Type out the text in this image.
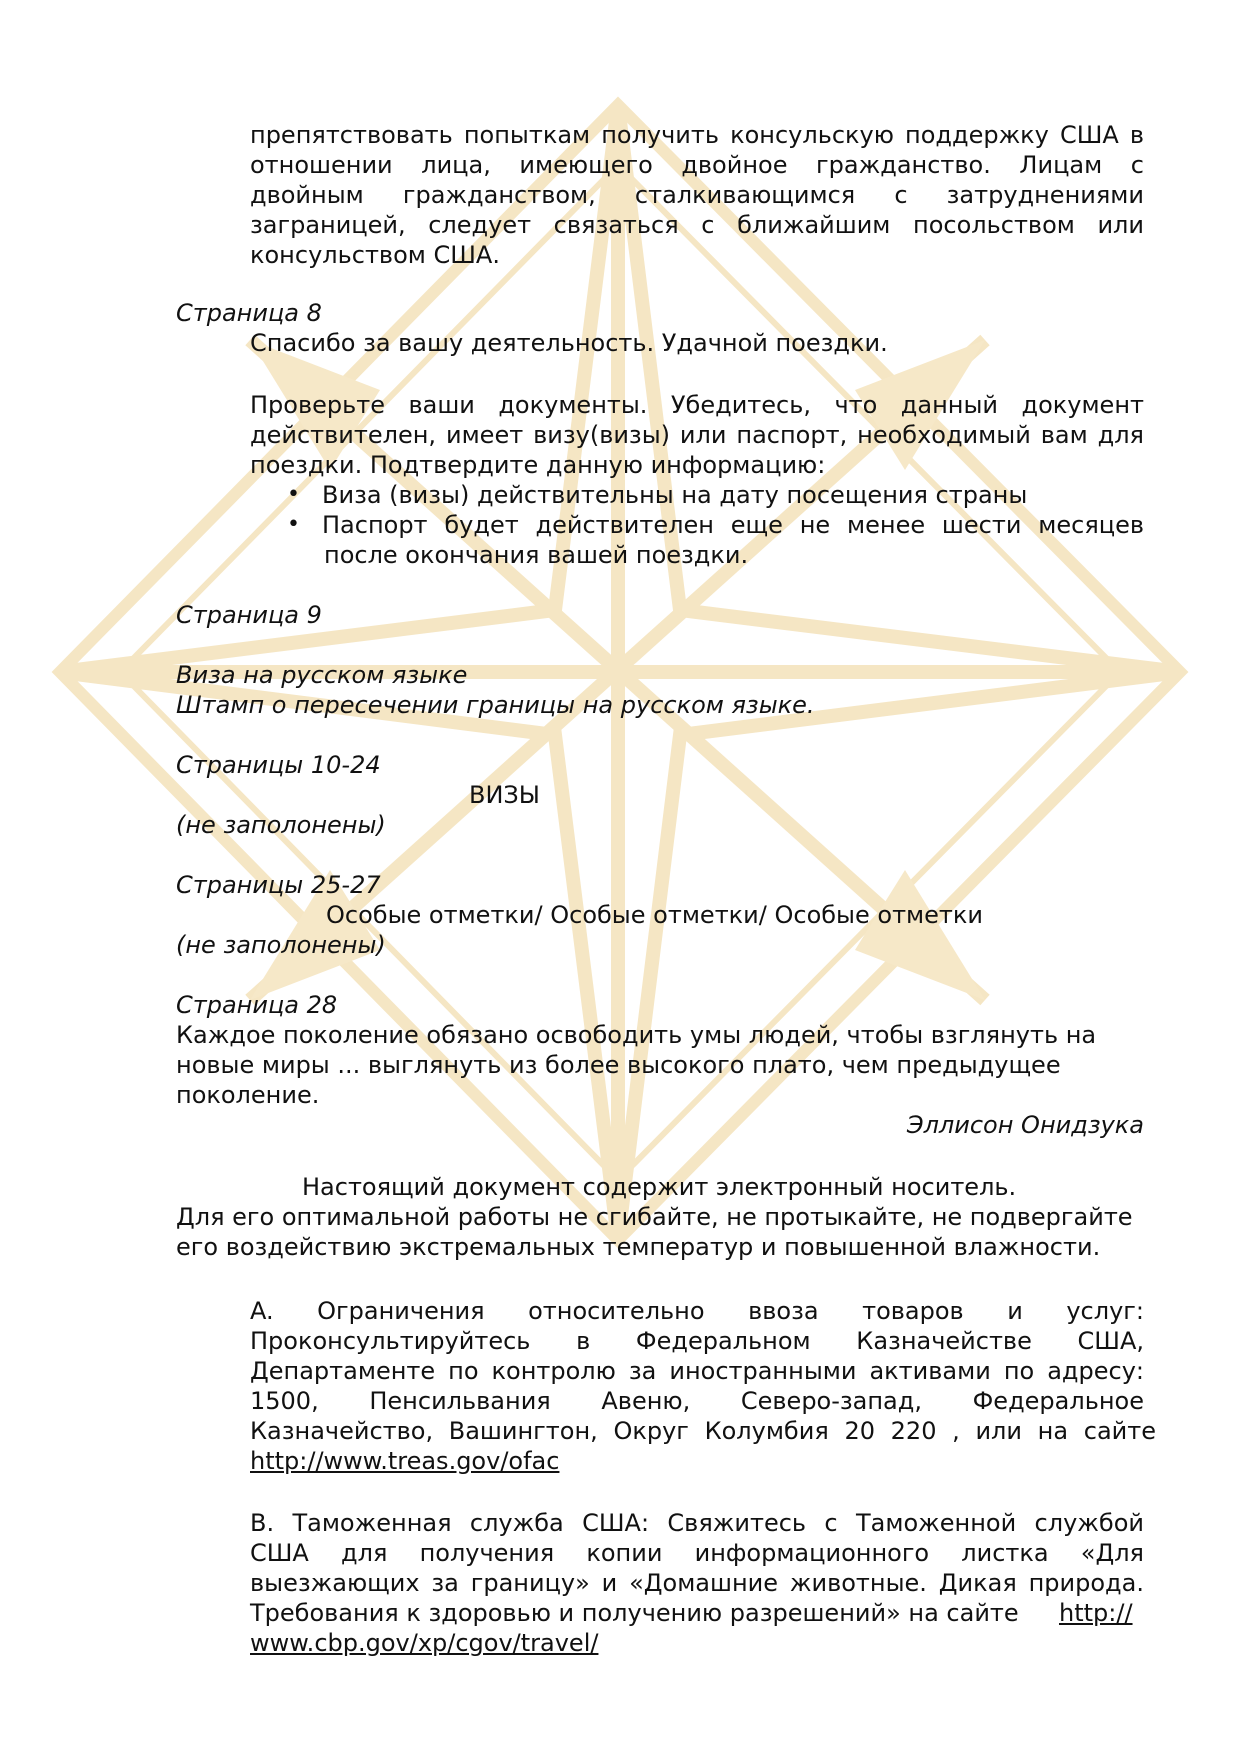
препятствовать попыткам получить консульскую поддержку США в

отношении лица, имеющего двойное гражданство. Лицам с

двойным гражданством, сталкивающимся с затруднениями

заграницей, следует связаться с ближайшим посольством или

консульством США.

Страница 8

Спасибо за вашу деятельность. Удачной поездки.

Проверьте ваши документы. Убедитесь, что данный документ

действителен, имеет визу(визы) или паспорт, необходимый вам для

поездки. Подтвердите данную информацию:

• Виза (визы) действительны на дату посещения страны

• Паспорт будет действителен еще не менее шести месяцев

после окончания вашей поездки.

Страница 9

Виза на русском языке

Штамп о пересечении границы на русском языке.

Страницы 10-24

ВИЗЫ

(не заполонены)

Страницы 25-27

Особые отметки/ Особые отметки/ Особые отметки

(не заполонены)

Страница 28

Каждое поколение обязано освободить умы людей, чтобы взглянуть на

новые миры ... выглянуть из более высокого плато, чем предыдущее

поколение.

Эллисон Онидзука

Настоящий документ содержит электронный носитель.

Для его оптимальной работы не сгибайте, не протыкайте, не подвергайте

его воздействию экстремальных температур и повышенной влажности.

A. Ограничения относительно ввоза товаров и услуг:

Проконсультируйтесь в Федеральном Казначействе США,

Департаменте по контролю за иностранными активами по адресу:

1500, Пенсильвания Авеню, Северо-запад, Федеральное

Казначейство, Вашингтон, Округ Колумбия 20 220 , или на сайте

http://www.treas.gov/ofac

B. Таможенная служба США: Свяжитесь с Таможенной службой

США для получения копии информационного листка «Для

выезжающих за границу» и «Домашние животные. Дикая природа.

Требования к здоровью и получению разрешений» на сайте http://
www.cbp.gov/xp/cgov/travel/
